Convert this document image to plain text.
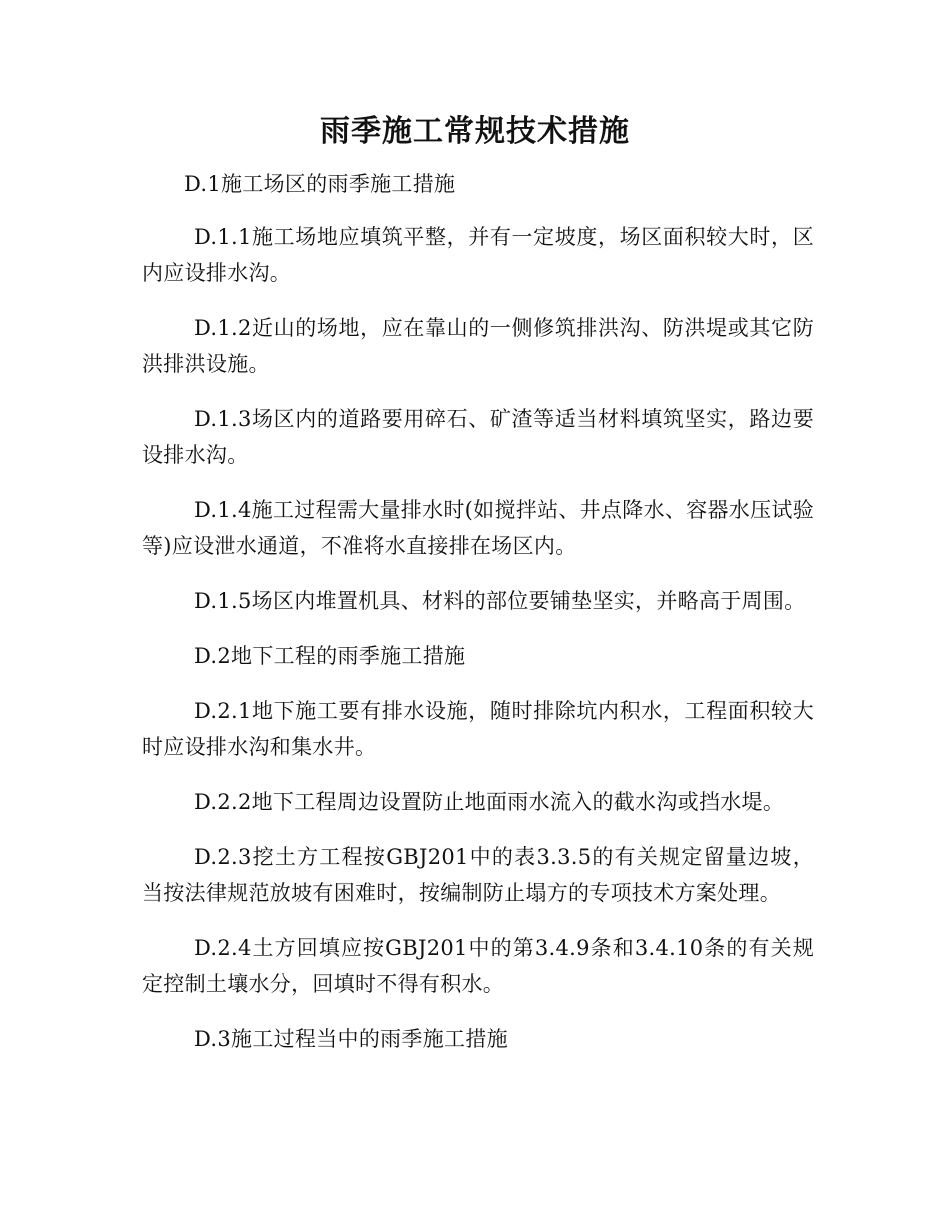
雨季施工常规技术措施

D.1施工场区的雨季施工措施

D.1.1施工场地应填筑平整，并有一定坡度，场区面积较大时，区内应设排水沟。

D.1.2近山的场地，应在靠山的一侧修筑排洪沟、防洪堤或其它防洪排洪设施。

D.1.3场区内的道路要用碎石、矿渣等适当材料填筑坚实，路边要设排水沟。

D.1.4施工过程需大量排水时(如搅拌站、井点降水、容器水压试验等)应设泄水通道，不准将水直接排在场区内。

D.1.5场区内堆置机具、材料的部位要铺垫坚实，并略高于周围。

D.2地下工程的雨季施工措施

D.2.1地下施工要有排水设施，随时排除坑内积水，工程面积较大时应设排水沟和集水井。

D.2.2地下工程周边设置防止地面雨水流入的截水沟或挡水堤。

D.2.3挖土方工程按GBJ201中的表3.3.5的有关规定留量边坡，当按法律规范放坡有困难时，按编制防止塌方的专项技术方案处理。

D.2.4土方回填应按GBJ201中的第3.4.9条和3.4.10条的有关规定控制土壤水分，回填时不得有积水。

D.3施工过程当中的雨季施工措施
